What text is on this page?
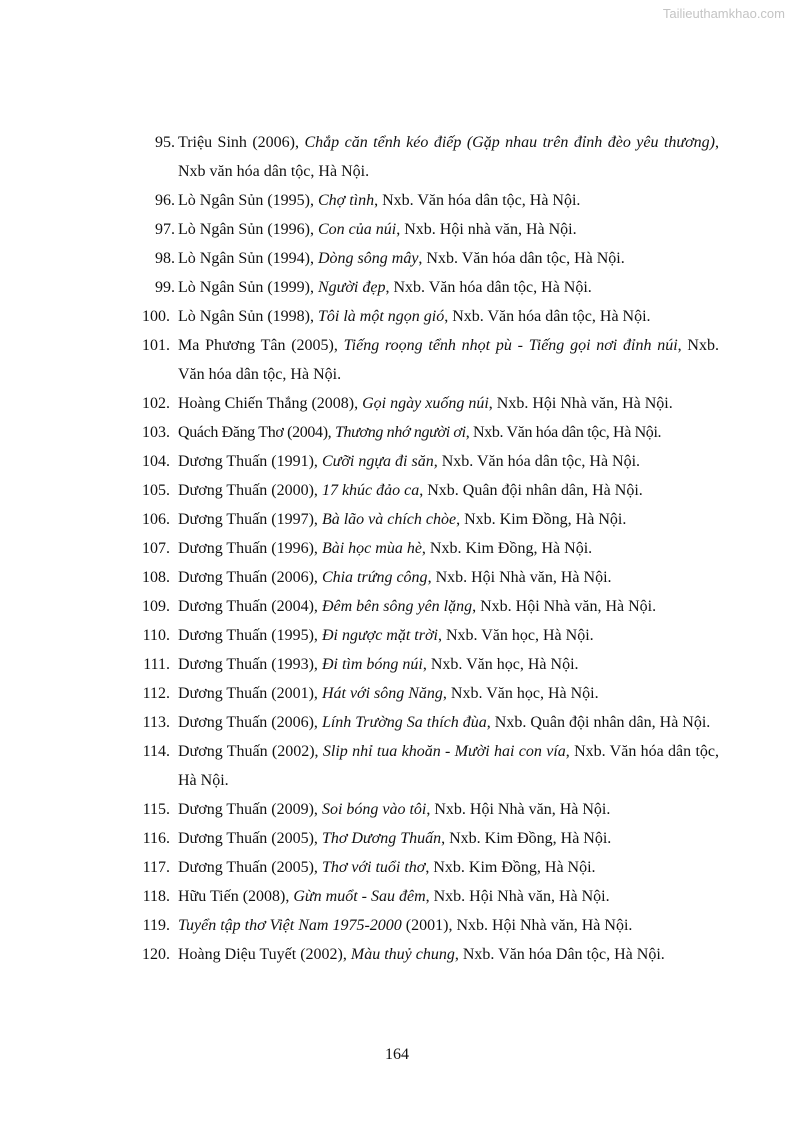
Tailieuthamkhao.com
95. Triệu Sinh (2006), Chắp căn tểnh kéo điếp (Gặp nhau trên đỉnh đèo yêu thương), Nxb văn hóa dân tộc, Hà Nội.
96. Lò Ngân Sủn (1995), Chợ tình, Nxb. Văn hóa dân tộc, Hà Nội.
97. Lò Ngân Sủn (1996), Con của núi, Nxb. Hội nhà văn, Hà Nội.
98. Lò Ngân Sủn (1994), Dòng sông mây, Nxb. Văn hóa dân tộc, Hà Nội.
99. Lò Ngân Sủn (1999), Người đẹp, Nxb. Văn hóa dân tộc, Hà Nội.
100. Lò Ngân Sủn (1998), Tôi là một ngọn gió, Nxb. Văn hóa dân tộc, Hà Nội.
101. Ma Phương Tân (2005), Tiếng roọng tểnh nhọt pù - Tiếng gọi nơi đỉnh núi, Nxb. Văn hóa dân tộc, Hà Nội.
102. Hoàng Chiến Thắng (2008), Gọi ngày xuống núi, Nxb. Hội Nhà văn, Hà Nội.
103. Quách Đăng Thơ (2004), Thương nhớ người ơi, Nxb. Văn hóa dân tộc, Hà Nội.
104. Dương Thuấn (1991), Cưỡi ngựa đi săn, Nxb. Văn hóa dân tộc, Hà Nội.
105. Dương Thuấn (2000), 17 khúc đảo ca, Nxb. Quân đội nhân dân, Hà Nội.
106. Dương Thuấn (1997), Bà lão và chích chòe, Nxb. Kim Đồng, Hà Nội.
107. Dương Thuấn (1996), Bài học mùa hè, Nxb. Kim Đồng, Hà Nội.
108. Dương Thuấn (2006), Chia trứng công, Nxb. Hội Nhà văn, Hà Nội.
109. Dương Thuấn (2004), Đêm bên sông yên lặng, Nxb. Hội Nhà văn, Hà Nội.
110. Dương Thuấn (1995), Đi ngược mặt trời, Nxb. Văn học, Hà Nội.
111. Dương Thuấn (1993), Đi tìm bóng núi, Nxb. Văn học, Hà Nội.
112. Dương Thuấn (2001), Hát với sông Năng, Nxb. Văn học, Hà Nội.
113. Dương Thuấn (2006), Lính Trường Sa thích đùa, Nxb. Quân đội nhân dân, Hà Nội.
114. Dương Thuấn (2002), Slip nhỉ tua khoăn - Mười hai con vía, Nxb. Văn hóa dân tộc, Hà Nội.
115. Dương Thuấn (2009), Soi bóng vào tôi, Nxb. Hội Nhà văn, Hà Nội.
116. Dương Thuấn (2005), Thơ Dương Thuấn, Nxb. Kim Đồng, Hà Nội.
117. Dương Thuấn (2005), Thơ với tuổi thơ, Nxb. Kim Đồng, Hà Nội.
118. Hữu Tiến (2008), Gừn muổt - Sau đêm, Nxb. Hội Nhà văn, Hà Nội.
119. Tuyển tập thơ Việt Nam 1975-2000 (2001), Nxb. Hội Nhà văn, Hà Nội.
120. Hoàng Diệu Tuyết (2002), Màu thuỷ chung, Nxb. Văn hóa Dân tộc, Hà Nội.
164
